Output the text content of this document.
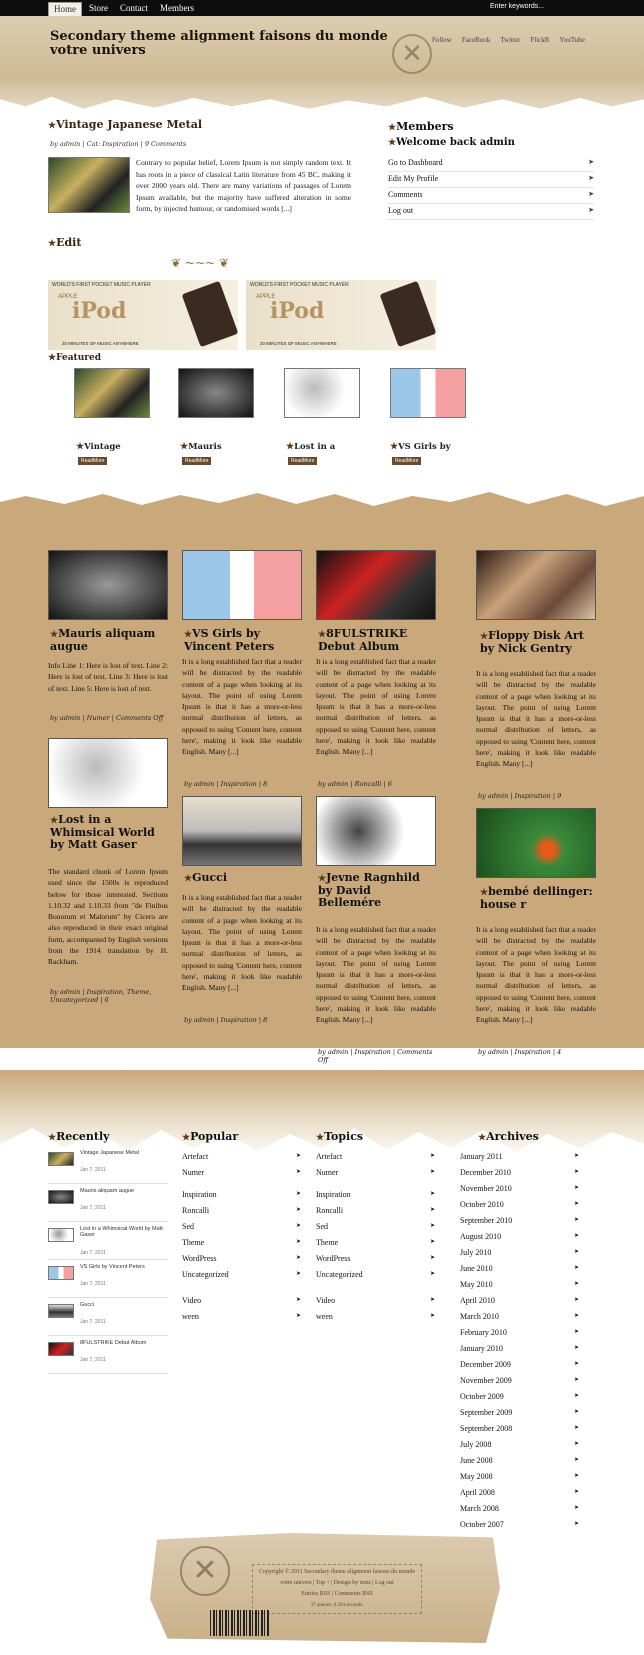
Home	Store	Contact	Members	Enter keywords...
Secondary theme alignment faisons du monde votre univers	✕	Follow FaceBook Twitter FlickR YouTube
★Vintage Japanese Metal
by admin | Cat: Inspiration | 9 Comments
Contrary to popular belief, Lorem Ipsum is not simply random text. It has roots in a piece of classical Latin literature from 45 BC, making it over 2000 years old. There are many variations of passages of Lorem Ipsum available, but the majority have suffered alteration in some form, by injected humour, or randomised words [...]
★Edit
❦ ~~~ ❦
WORLD'S FIRST POCKET MUSIC PLAYER
APPLE
iPod
20 MINUTES OF MUSIC ANYWHERE
WORLD'S FIRST POCKET MUSIC PLAYER
APPLE
iPod
20 MINUTES OF MUSIC ANYWHERE
★Featured
★Vintage	★Mauris	★Lost in a	★VS Girls by
ReadMore	ReadMore	ReadMore	ReadMore
★Members
★Welcome back admin
Go to Dashboard	➤
Edit My Profile	➤
Comments	➤
Log out	➤
★Mauris aliquam augue
Info Line 1: Here is lost of text. Line 2: Here is lost of text. Line 3: Here is lost of text. Line 5: Here is lost of text.
by admin | Numer | Comments Off
★Lost in a Whimsical World by Matt Gaser
The standard chunk of Lorem Ipsum used since the 1500s is reproduced below for those interested. Sections 1.10.32 and 1.10.33 from "de Finibus Bonorum et Malorum" by Cicero are also reproduced in their exact original form, accompanied by English versions from the 1914 translation by H. Rackham.
by admin | Inspiration, Theme, Uncategorized | 6
★VS Girls by Vincent Peters
It is a long established fact that a reader will be distracted by the readable content of a page when looking at its layout. The point of using Lorem Ipsum is that it has a more-or-less normal distribution of letters, as opposed to using 'Content here, content here', making it look like readable English. Many [...]
by admin | Inspiration | 8
★Gucci
It is a long established fact that a reader will be distracted by the readable content of a page when looking at its layout. The point of using Lorem Ipsum is that it has a more-or-less normal distribution of letters, as opposed to using 'Content here, content here', making it look like readable English. Many [...]
by admin | Inspiration | 8
★8FULSTRIKE Debut Album
It is a long established fact that a reader will be distracted by the readable content of a page when looking at its layout. The point of using Lorem Ipsum is that it has a more-or-less normal distribution of letters, as opposed to using 'Content here, content here', making it look like readable English. Many [...]
by admin | Roncalli | 6
★Jevne Ragnhild by David Bellemére
It is a long established fact that a reader will be distracted by the readable content of a page when looking at its layout. The point of using Lorem Ipsum is that it has a more-or-less normal distribution of letters, as opposed to using 'Content here, content here', making it look like readable English. Many [...]
by admin | Inspiration | Comments Off
★Floppy Disk Art by Nick Gentry
It is a long established fact that a reader will be distracted by the readable content of a page when looking at its layout. The point of using Lorem Ipsum is that it has a more-or-less normal distribution of letters, as opposed to using 'Content here, content here', making it look like readable English. Many [...]
by admin | Inspiration | 9
★bembé dellinger: house r
It is a long established fact that a reader will be distracted by the readable content of a page when looking at its layout. The point of using Lorem Ipsum is that it has a more-or-less normal distribution of letters, as opposed to using 'Content here, content here', making it look like readable English. Many [...]
by admin | Inspiration | 4
★Recently
Vintage Japanese Metal
Jan 7, 2011
Mauris aliquam augue
Jan 7, 2011
Lost in a Whimsical World by Matt Gaser
Jan 7, 2011
VS Girls by Vincent Peters
Jan 7, 2011
Gucci
Jan 7, 2011
8FULSTRIKE Debut Album
Jan 7, 2011
★Popular
Artefact	➤
Numer	➤
Inspiration	➤
Roncalli	➤
Sed	➤
Theme	➤
WordPress	➤
Uncategorized	➤
Video	➤
ween	➤
★Topics
Artefact	➤
Numer	➤
Inspiration	➤
Roncalli	➤
Sed	➤
Theme	➤
WordPress	➤
Uncategorized	➤
Video	➤
ween	➤
★Archives
January 2011	➤
December 2010	➤
November 2010	➤
October 2010	➤
September 2010	➤
August 2010	➤
July 2010	➤
June 2010	➤
May 2010	➤
April 2010	➤
March 2010	➤
February 2010	➤
January 2010	➤
December 2009	➤
November 2009	➤
October 2009	➤
September 2009	➤
September 2008	➤
July 2008	➤
June 2008	➤
May 2008	➤
April 2008	➤
March 2008	➤
October 2007	➤
✕	Copyright © 2011 Secondary theme alignment faisons du monde votre univers | Top ↑ | Design by miss | Log out
Entries RSS | Comments RSS
37 queries. 0.294 seconds.
